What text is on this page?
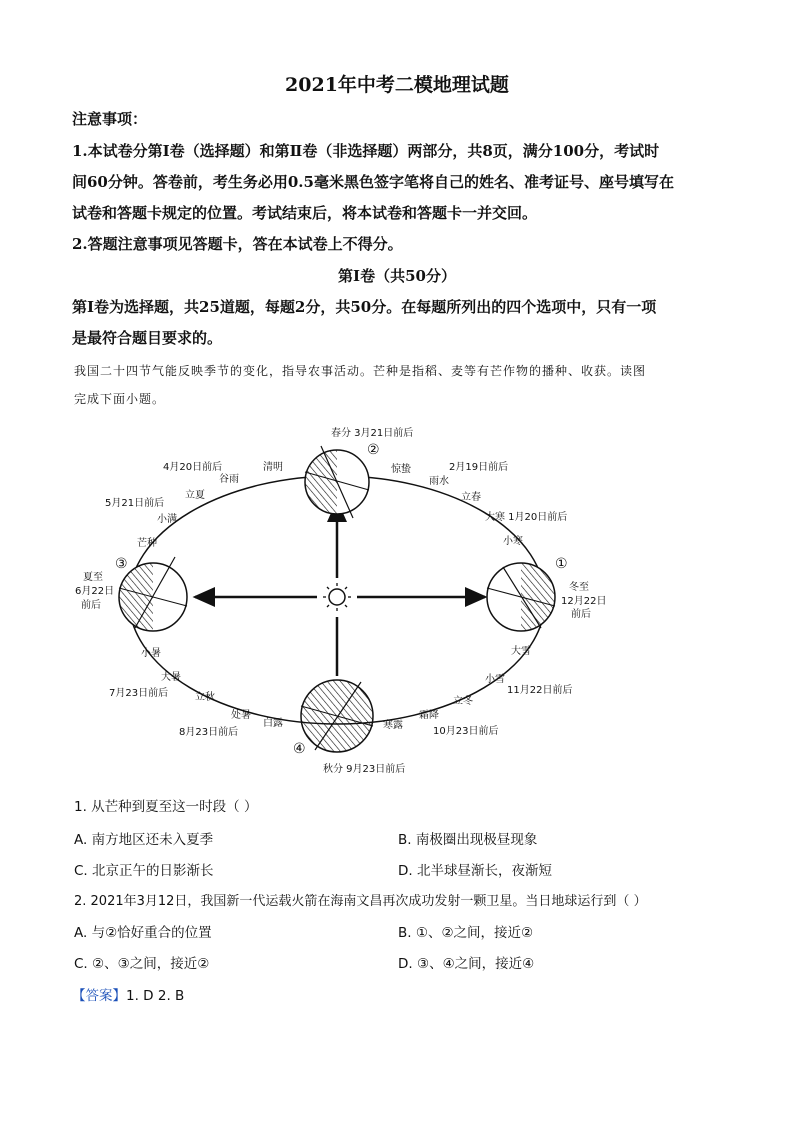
2021年中考二模地理试题

注意事项：

1.本试卷分第Ⅰ卷（选择题）和第Ⅱ卷（非选择题）两部分，共8页，满分100分，考试时

间60分钟。答卷前，考生务必用0.5毫米黑色签字笔将自己的姓名、准考证号、座号填写在

试卷和答题卡规定的位置。考试结束后，将本试卷和答题卡一并交回。

2.答题注意事项见答题卡，答在本试卷上不得分。

第Ⅰ卷（共50分）

第Ⅰ卷为选择题，共25道题，每题2分，共50分。在每题所列出的四个选项中，只有一项

是最符合题目要求的。

我国二十四节气能反映季节的变化，指导农事活动。芒种是指稻、麦等有芒作物的播种、收获。读图

完成下面小题。

春分 3月21日前后
②
①
冬至
12月22日
前后
③
夏至
6月22日
前后
④
秋分 9月23日前后
清明
谷雨
4月20日前后
立夏
5月21日前后
小满
芒种
惊蛰
雨水
2月19日前后
立春
大寒 1月20日前后
小寒
小暑
大暑
7月23日前后	立秋
处暑
8月23日前后
白露
大雪
小雪
11月22日前后
立冬
霜降
10月23日前后
寒露

1. 从芒种到夏至这一时段（ ）

A. 南方地区还未入夏季	B. 南极圈出现极昼现象

C. 北京正午的日影渐长	D. 北半球昼渐长，夜渐短

2. 2021年3月12日，我国新一代运载火箭在海南文昌再次成功发射一颗卫星。当日地球运行到（ ）

A. 与②恰好重合的位置	B. ①、②之间，接近②

C. ②、③之间，接近②	D. ③、④之间，接近④

【答案】1. D 2. B
